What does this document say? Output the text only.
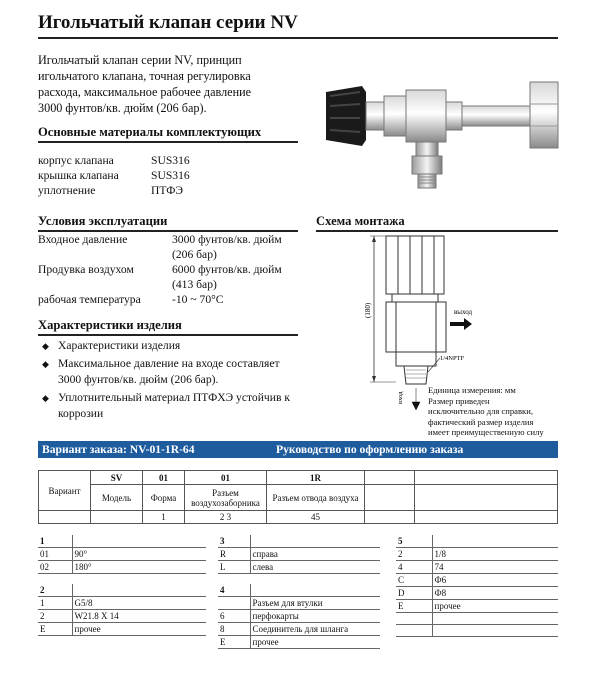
Игольчатый клапан серии NV
Игольчатый клапан серии NV, принцип игольчатого клапана, точная регулировка расхода, максимальное рабочее давление 3000 фунтов/кв. дюйм (206 бар).
Основные материалы комплектующих
корпус клапана	SUS316
крышка клапана	SUS316
уплотнение	ПТФЭ
Условия эксплуатации
Входное давление	3000 фунтов/кв. дюйм
(206 бар)
Продувка воздухом	6000 фунтов/кв. дюйм
(413 бар)
рабочая температура	-10 ~ 70°C
Характеристики изделия
◆ Характеристики изделия
◆ Максимальное давление на входе составляет 3000 фунтов/кв. дюйм (206 бар).
◆ Уплотнительный материал ПТФХЭ устойчив к коррозии
Схема монтажа
(180)	выход
1/4NPTF
вход
Единица измерения: мм
Размер приведен
исключительно для справки,
фактический размер изделия
имеет преимущественную силу
Вариант заказа: NV-01-1R-64	Руководство по оформлению заказа
Вариант	SV	01	01	1R		
	Модель	Форма	Разъем воздухозаборника	Разъем отвода воздуха		
		1	2 3	45		
1	
01	90°
02	180°
2	
1	G5/8
2	W21.8 X 14
E	прочее
3	
R	справа
L	слева
4	
	Разъем для втулки
6	перфокарты
8	Соединитель для шланга
E	прочее
5	
2	1/8
4	74
C	Ф6
D	Ф8
E	прочее
